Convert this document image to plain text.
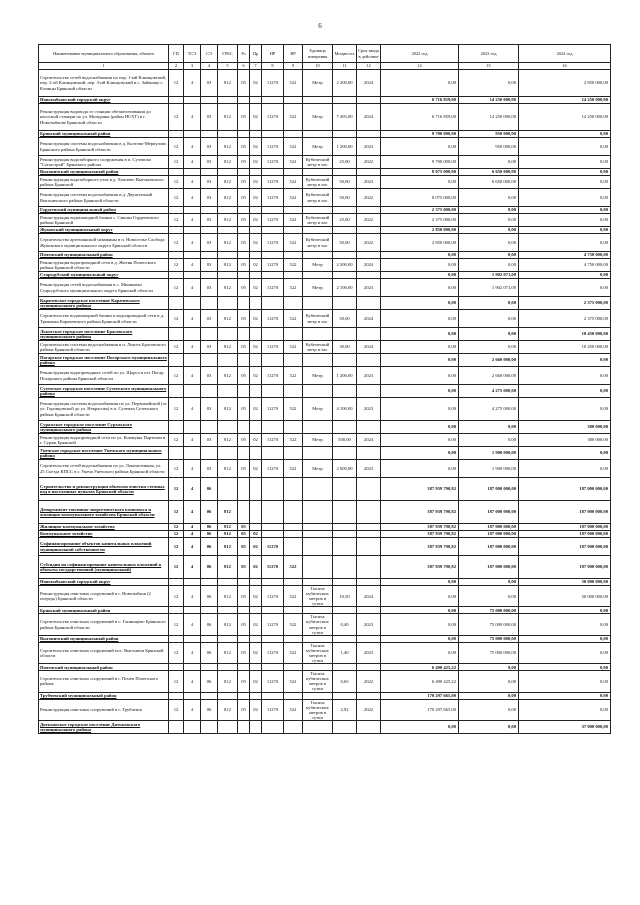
6
Наименование муниципального образования, объекта	ГП	ТСЭ	СЭ	ГРБС	Рз	Пр	НР	ВР	Единица измерения	Мощность	Срок ввода в действие	2022 год	2023 год	2024 год
1	2	3	4	5	6	7	8	9	10	11	12	14	15	16
Строительство сетей водоснабжения по пер. 1-ый Клинцовский, пер. 2-ой Клинцовский, пер. 3-ий Клинцовский в с. Займище г. Клинцы Брянской области	12	4	03	812	05	02	11270	522	Метр	2 200,00	2024	0,00	0,00	2 850 000,00
Новозыбковский городской округ												6 716 859,00	14 250 000,00	14 250 000,00
Реконструкция водовода от станции обезжелезивания до насосной станции по ул. Мичурина (район НСХТ) в г. Новозыбкове Брянской области	12	4	03	812	05	02	11270	522	Метр	7 495,00	2024	6 716 859,00	14 250 000,00	14 250 000,00
Брянский муниципальный район												9 700 000,00	950 000,00	0,00
Реконструкция системы водоснабжения в д. Колтово-Меркулово Брянского района Брянской области	12	4	03	812	05	02	11270	522	Метр	1 200,00	2023	0,00	950 000,00	0,00
Реконструкция водозаборного сооружения в п. Суземско "Согыстрой" Брянского района	12	4	03	812	05	02	11270	522	Кубический метр в час	25,00	2022	9 700 000,00	0,00	0,00
Выгоничский муниципальный район												8 075 000,00	6 650 000,00	0,00
Реконструкция водозаборного узла в д. Хмелево Выгоничского района Брянской	12	4	03	812	05	02	11270	522	Кубический метр в час	50,00	2023	0,00	6 650 000,00	0,00
Реконструкция системы водоснабжения в д. Двуштатный Выгоничского района Брянской области	12	4	03	812	05	02	11270	522	Кубический метр в час	50,00	2022	8 075 000,00	0,00	0,00
Гордеевский муниципальный район												2 375 000,00	0,00	0,00
Реконструкция водонапорной башни с. Смяльч Гордеевского района Брянской	12	4	03	812	05	02	11270	522	Кубический метр в час	25,00	2022	2 375 000,00	0,00	0,00
Жуковский муниципальный округ												2 850 000,00	0,00	0,00
Строительство артезианской скважины в п. Новоселье Слобода Жуковского муниципального округа Брянской области	12	4	03	812	05	02	11270	522	Кубический метр в час	50,00	2022	2 850 000,00	0,00	0,00
Почепский муниципальный район												0,00	0,00	4 750 000,00
Реконструкция водопроводной сети в д. Житня Почепского района Брянской области	12	4	03	812	05	02	11270	522	Метр	2 500,00	2024	0,00	0,00	4 750 000,00
Стародубский муниципальный округ												0,00	1 902 071,00	0,00
Реконструкция сетей водоснабжения в с. Мишковка Стародубского муниципального округа Брянской области	12	4	03	812	05	02	11270	522	Метр	2 100,00	2023	0,00	1 902 071,00	0,00
Карачевское городское поселение Карачевского муниципального района												0,00	0,00	2 375 000,00
Строительство водонапорной башни и водопроводной сети в д. Трыковка Карачевского района Брянской области	12	4	03	812	05	02	11270	522	Кубический метр в час	50,00	2024	0,00	0,00	2 375 000,00
Локотское городское поселение Брасовского муниципального района												0,00	0,00	10 450 000,00
Строительство системы водоснабжения в п. Локоть Брасовского района Брянской области	12	4	03	812	05	02	11270	522	Кубический метр в час	30,00	2024	0,00	0,00	10 450 000,00
Погарское городское поселение Погарского муниципального района												0,00	2 660 000,00	0,00
Реконструкция водопроводных сетей по ул. Щорса в пгт Погар Погарского района Брянской области	12	4	03	812	05	02	11270	522	Метр	1 200,00	2023	0,00	2 660 000,00	0,00
Суземское городское поселение Суземского муниципального района												0,00	4 275 000,00	0,00
Реконструкция системы водоснабжения по ул. Первомайской (от ул. Горовцовской до ул. Некрасова) в п. Суземка Суземского района Брянской области	12	4	03	812	05	02	11270	522	Метр	4 100,00	2023	0,00	4 275 000,00	0,00
Суражское городское поселение Суражского муниципального района												0,00	0,00	380 000,00
Реконструкция водопроводной сети по ул. Коммуны Партизан в г. Сураж Брянской	12	4	03	812	05	02	11270	522	Метр	500,00	2024	0,00	0,00	380 000,00
Унечское городское поселение Унечского муниципального района												0,00	1 900 000,00	0,00
Строительство сетей водоснабжения по ул. Локомотивная, ул. 25 Съезда КПСС в г. Унеча Унечского района Брянской области	12	4	03	812	05	02	11270	522	Метр	2 000,00	2023	0,00	1 900 000,00	0,00
Строительство и реконструкция объектов очистки сточных вод в населенных пунктах Брянской области	12	4	06									387 939 790,82	187 000 000,00	187 000 000,00
Департамент топливно-энергетического комплекса и жилищно-коммунального хозяйства Брянской области	12	4	06	812								387 939 790,82	187 000 000,00	187 000 000,00
Жилищно-коммунальное хозяйство	12	4	06	812	05							387 939 790,82	187 000 000,00	187 000 000,00
Коммунальное хозяйство	12	4	06	812	05	02						387 939 790,82	187 000 000,00	187 000 000,00
Софинансирование объектов капитальных вложений муниципальной собственности	12	4	06	812	05	02	11270					387 939 790,82	187 000 000,00	187 000 000,00
Субсидии на софинансирование капитальных вложений в объекты государственной (муниципальной)	12	4	06	812	05	02	11270	522				387 939 790,82	187 000 000,00	187 000 000,00
Новозыбковский городской округ												0,00	0,00	50 000 000,00
Реконструкция очистных сооружений в г. Новозыбков (2 очередь) Брянской области	12	4	06	812	05	02	11270	522	Тысяча кубических метров в сутки	10,50	2024	0,00	0,00	50 000 000,00
Брянский муниципальный район												0,00	75 000 000,00	0,00
Строительство очистных сооружений в с. Глинищево Брянского района Брянской области	12	4	06	812	05	02	11270	522	Тысяча кубических метров в сутки	0,40	2023	0,00	75 000 000,00	0,00
Выгоничский муниципальный район												0,00	75 000 000,00	0,00
Строительство очистных сооружений пос. Выгоничи Брянской области	12	4	06	812	05	02	11270	522	Тысяча кубических метров в сутки	1,40	2023	0,00	75 000 000,00	0,00
Почепский муниципальный район												6 490 425,22	0,00	0,00
Строительство очистных сооружений в г. Почеп Почепского района	12	4	06	812	05	02	11270	522	Тысяча кубических метров в сутки	0,65	2022	6 490 425,22	0,00	0,00
Трубчевский муниципальный район												170 297 665,00	0,00	0,00
Реконструкция очистных сооружений в г. Трубчевск	12	4	06	812	05	02	11270	522	Тысяча кубических метров в сутки	2,92	2022	170 297 665,00	0,00	0,00
Дятьковское городское поселение Дятьковского муниципального района												0,00	0,00	37 000 000,00
